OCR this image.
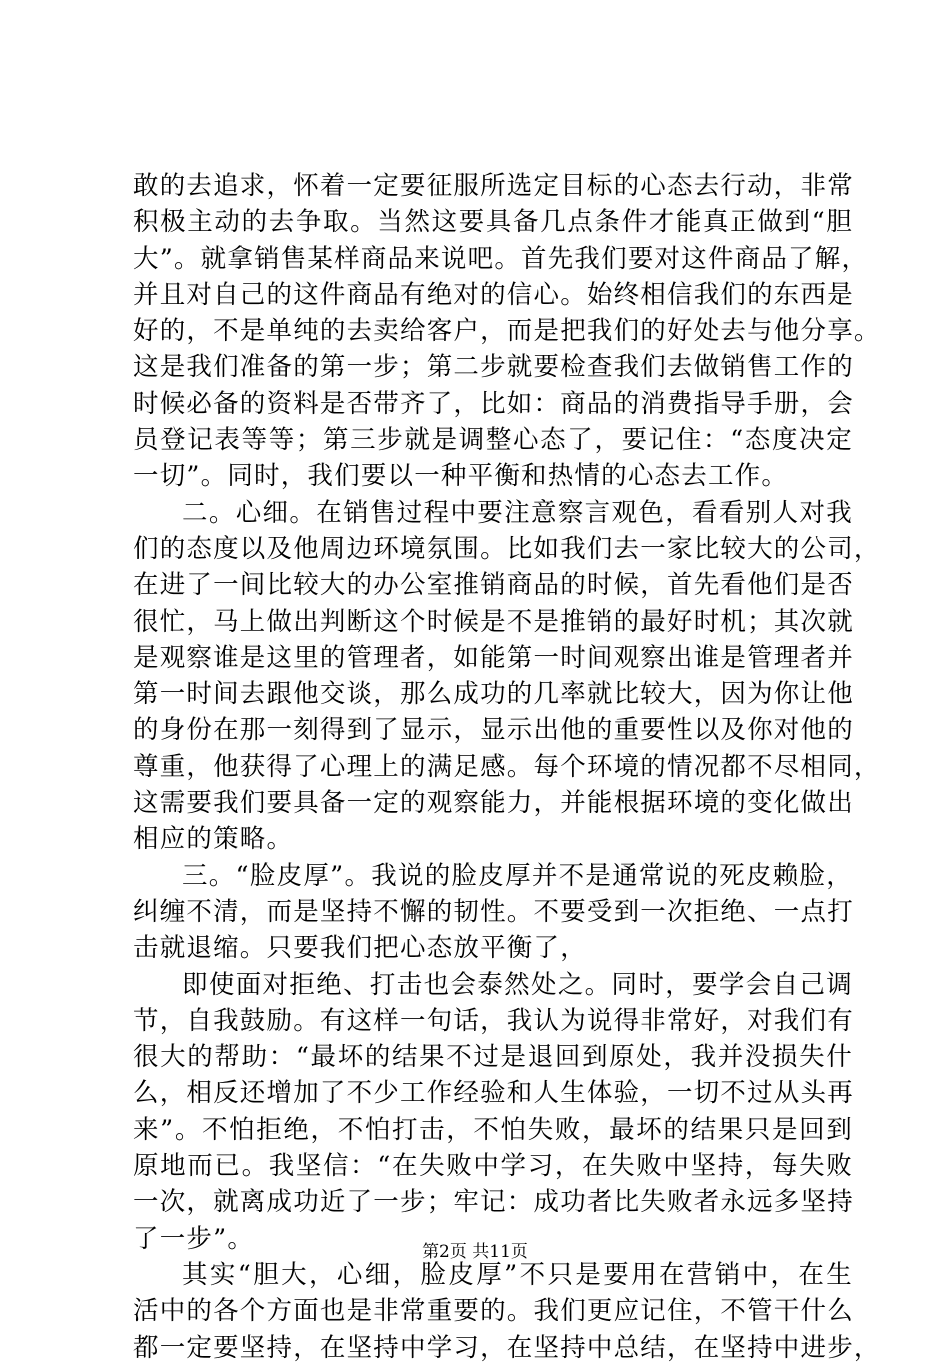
敢的去追求，怀着一定要征服所选定目标的心态去行动，非常
积极主动的去争取。当然这要具备几点条件才能真正做到“胆
大”。就拿销售某样商品来说吧。首先我们要对这件商品了解，
并且对自己的这件商品有绝对的信心。始终相信我们的东西是
好的，不是单纯的去卖给客户，而是把我们的好处去与他分享。
这是我们准备的第一步；第二步就要检查我们去做销售工作的
时候必备的资料是否带齐了，比如：商品的消费指导手册，会
员登记表等等；第三步就是调整心态了，要记住：“态度决定
一切”。同时，我们要以一种平衡和热情的心态去工作。
二。心细。在销售过程中要注意察言观色，看看别人对我
们的态度以及他周边环境氛围。比如我们去一家比较大的公司，
在进了一间比较大的办公室推销商品的时候，首先看他们是否
很忙，马上做出判断这个时候是不是推销的最好时机；其次就
是观察谁是这里的管理者，如能第一时间观察出谁是管理者并
第一时间去跟他交谈，那么成功的几率就比较大，因为你让他
的身份在那一刻得到了显示，显示出他的重要性以及你对他的
尊重，他获得了心理上的满足感。每个环境的情况都不尽相同，
这需要我们要具备一定的观察能力，并能根据环境的变化做出
相应的策略。
三。“脸皮厚”。我说的脸皮厚并不是通常说的死皮赖脸，
纠缠不清，而是坚持不懈的韧性。不要受到一次拒绝、一点打
击就退缩。只要我们把心态放平衡了，
即使面对拒绝、打击也会泰然处之。同时，要学会自己调
节，自我鼓励。有这样一句话，我认为说得非常好，对我们有
很大的帮助：“最坏的结果不过是退回到原处，我并没损失什
么，相反还增加了不少工作经验和人生体验，一切不过从头再
来”。不怕拒绝，不怕打击，不怕失败，最坏的结果只是回到
原地而已。我坚信：“在失败中学习，在失败中坚持，每失败
一次，就离成功近了一步；牢记：成功者比失败者永远多坚持
了一步”。
其实“胆大，心细，脸皮厚”不只是要用在营销中，在生
活中的各个方面也是非常重要的。我们更应记住，不管干什么
都一定要坚持，在坚持中学习，在坚持中总结，在坚持中进步，
第2页 共11页
